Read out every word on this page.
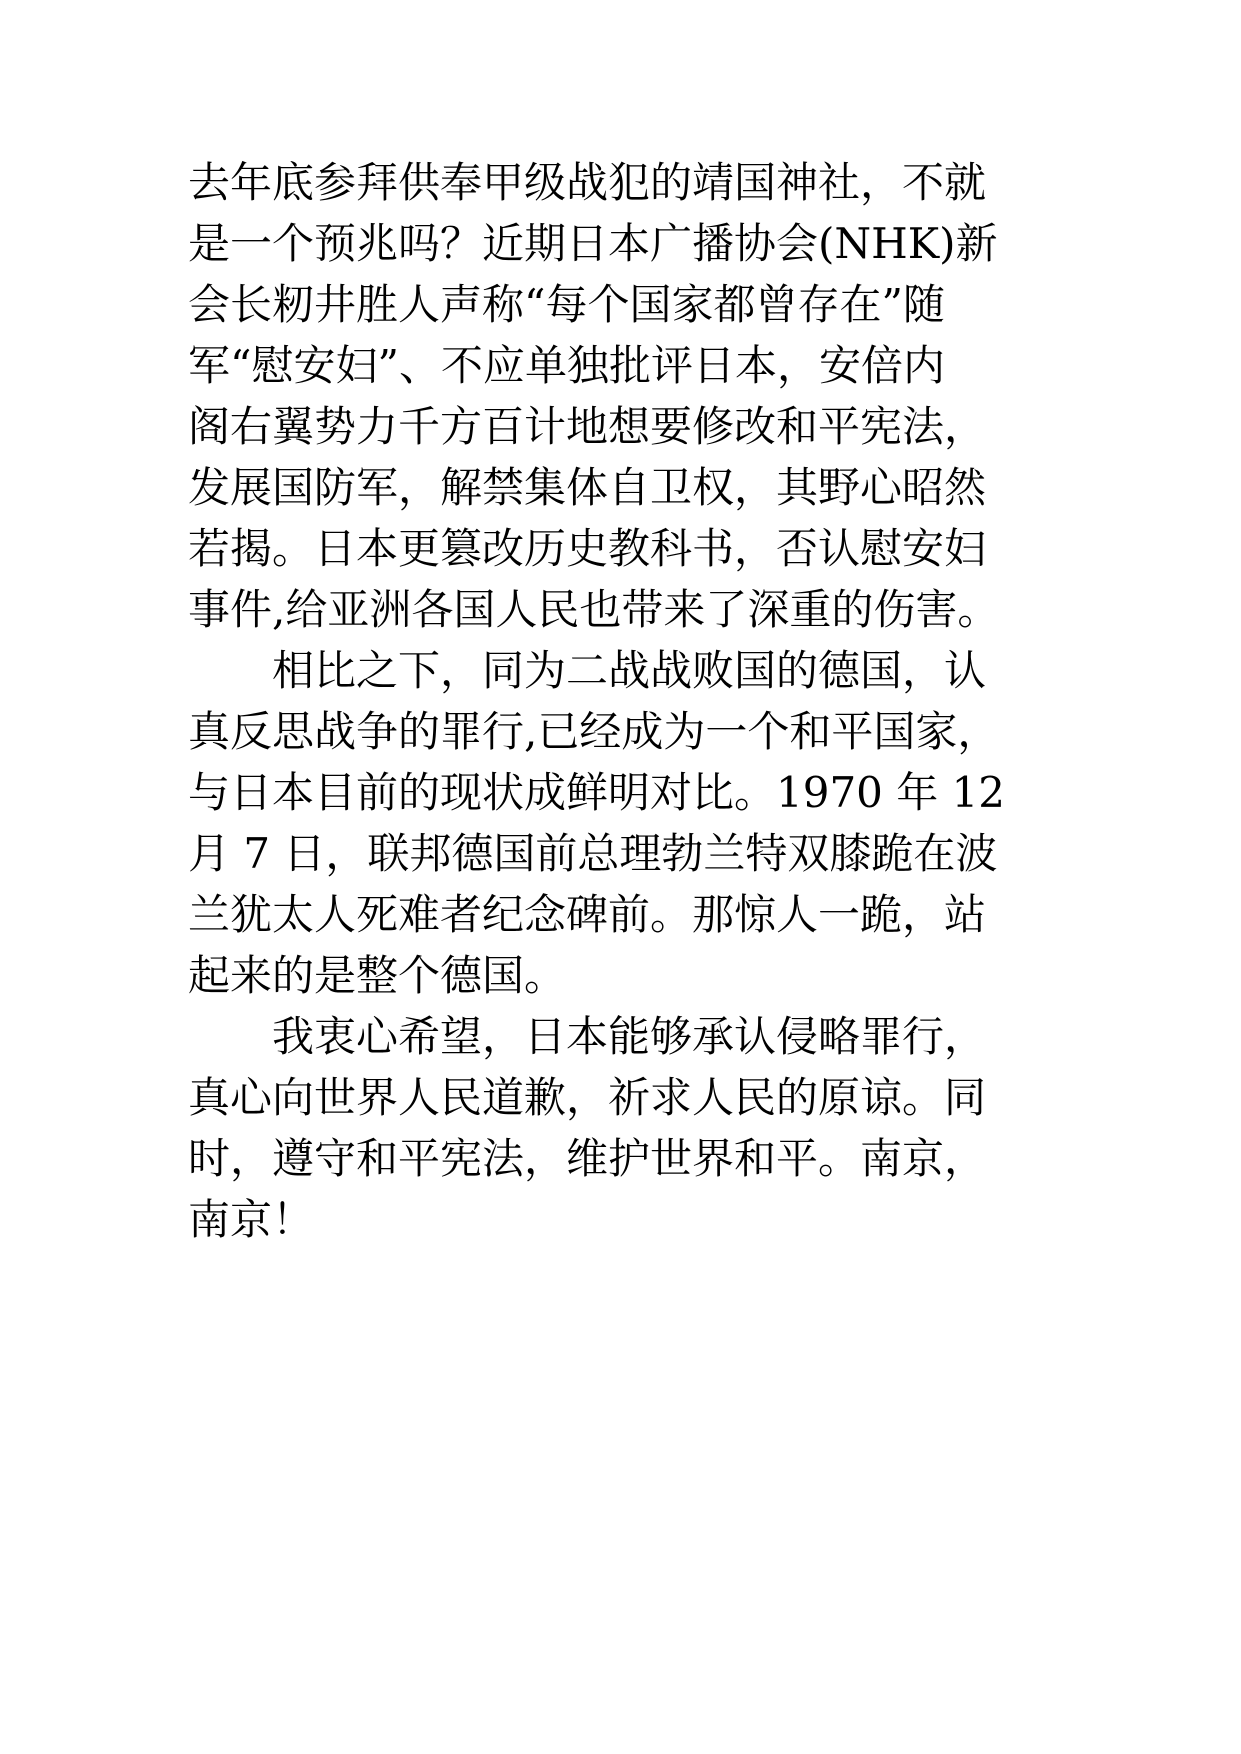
去年底参拜供奉甲级战犯的靖国神社，不就
是一个预兆吗？近期日本广播协会(NHK)新
会长籾井胜人声称“每个国家都曾存在”随
军“慰安妇”、不应单独批评日本，安倍内
阁右翼势力千方百计地想要修改和平宪法，
发展国防军，解禁集体自卫权，其野心昭然
若揭。日本更篡改历史教科书，否认慰安妇
事件,给亚洲各国人民也带来了深重的伤害。
　　相比之下，同为二战战败国的德国，认
真反思战争的罪行,已经成为一个和平国家，
与日本目前的现状成鲜明对比。1970 年 12
月 7 日，联邦德国前总理勃兰特双膝跪在波
兰犹太人死难者纪念碑前。那惊人一跪，站
起来的是整个德国。
　　我衷心希望，日本能够承认侵略罪行，
真心向世界人民道歉，祈求人民的原谅。同
时，遵守和平宪法，维护世界和平。南京，
南京！
